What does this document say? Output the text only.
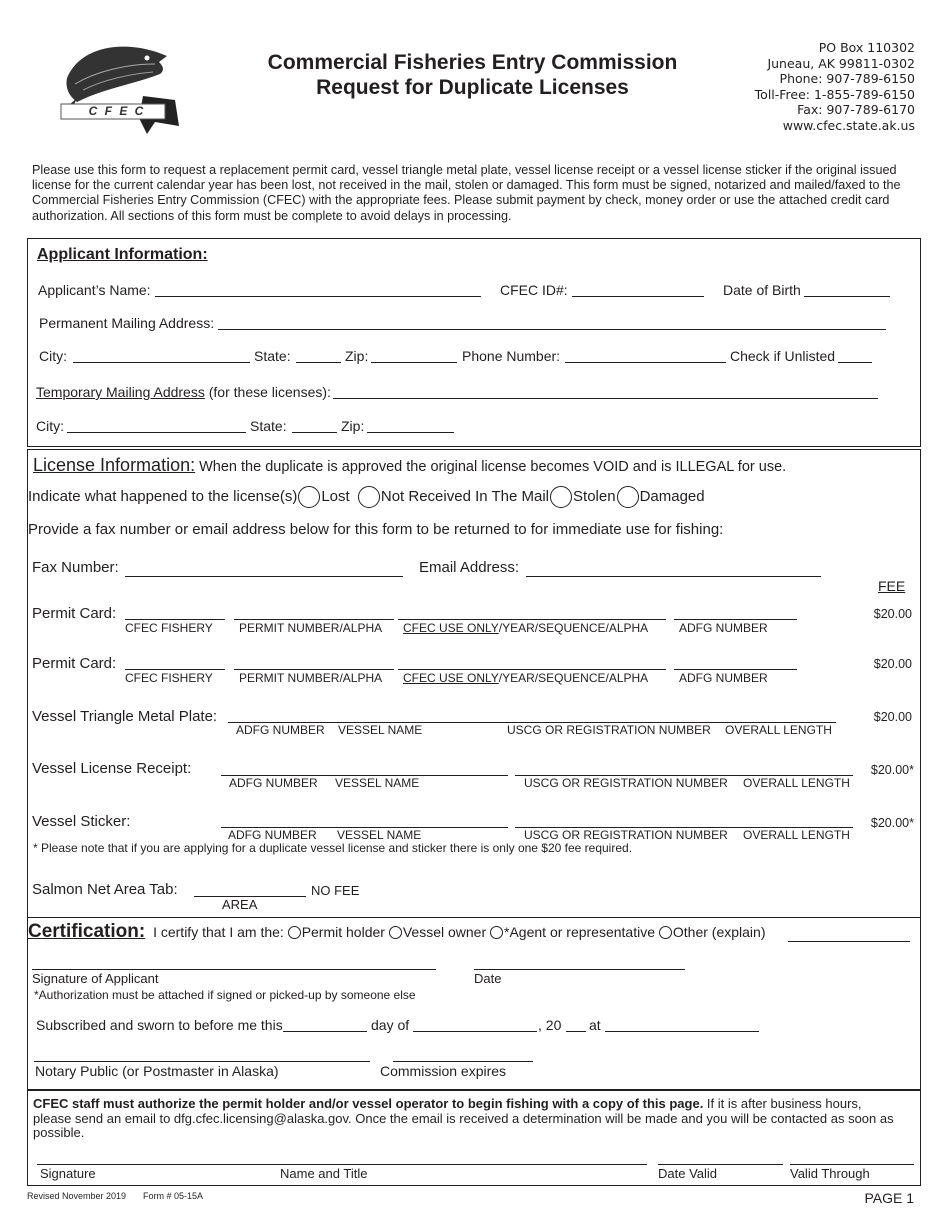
C F E C
Commercial Fisheries Entry Commission
Request for Duplicate Licenses
PO Box 110302
Juneau, AK 99811-0302
Phone: 907-789-6150
Toll-Free: 1-855-789-6150
Fax: 907-789-6170
www.cfec.state.ak.us
Please use this form to request a replacement permit card, vessel triangle metal plate, vessel license receipt or a vessel license sticker if the original issued license for the current calendar year has been lost, not received in the mail, stolen or damaged. This form must be signed, notarized and mailed/faxed to the Commercial Fisheries Entry Commission (CFEC) with the appropriate fees. Please submit payment by check, money order or use the attached credit card authorization. All sections of this form must be complete to avoid delays in processing.
Applicant Information:
Applicant’s Name:	CFEC ID#:	Date of Birth
Permanent Mailing Address:
City:	State:	Zip:	Phone Number:	Check if Unlisted
Temporary Mailing Address (for these licenses):
City:	State:	Zip:
License Information: When the duplicate is approved the original license becomes VOID and is ILLEGAL for use.
Indicate what happened to the license(s) Lost Not Received In The Mail Stolen Damaged
Provide a fax number or email address below for this form to be returned to for immediate use for fishing:
Fax Number:	Email Address:
FEE
Permit Card:
CFEC FISHERY	PERMIT NUMBER/ALPHA	CFEC USE ONLY/YEAR/SEQUENCE/ALPHA	ADFG NUMBER
$20.00
Permit Card:
CFEC FISHERY	PERMIT NUMBER/ALPHA	CFEC USE ONLY/YEAR/SEQUENCE/ALPHA	ADFG NUMBER
$20.00
Vessel Triangle Metal Plate:
ADFG NUMBER VESSEL NAME	USCG OR REGISTRATION NUMBER OVERALL LENGTH
$20.00
Vessel License Receipt:
ADFG NUMBER VESSEL NAME	USCG OR REGISTRATION NUMBER OVERALL LENGTH
$20.00*
Vessel Sticker:
ADFG NUMBER VESSEL NAME	USCG OR REGISTRATION NUMBER OVERALL LENGTH
$20.00*
* Please note that if you are applying for a duplicate vessel license and sticker there is only one $20 fee required.
Salmon Net Area Tab:	NO FEE
AREA
Certification: I certify that I am the: Permit holder Vessel owner *Agent or representative Other (explain)
Signature of Applicant	Date
*Authorization must be attached if signed or picked-up by someone else
Subscribed and sworn to before me this	day of	, 20 at
Notary Public (or Postmaster in Alaska)	Commission expires
CFEC staff must authorize the permit holder and/or vessel operator to begin fishing with a copy of this page. If it is after business hours, please send an email to dfg.cfec.licensing@alaska.gov. Once the email is received a determination will be made and you will be contacted as soon as possible.
Signature	Name and Title	Date Valid	Valid Through
Revised November 2019 Form # 05-15A	PAGE 1
